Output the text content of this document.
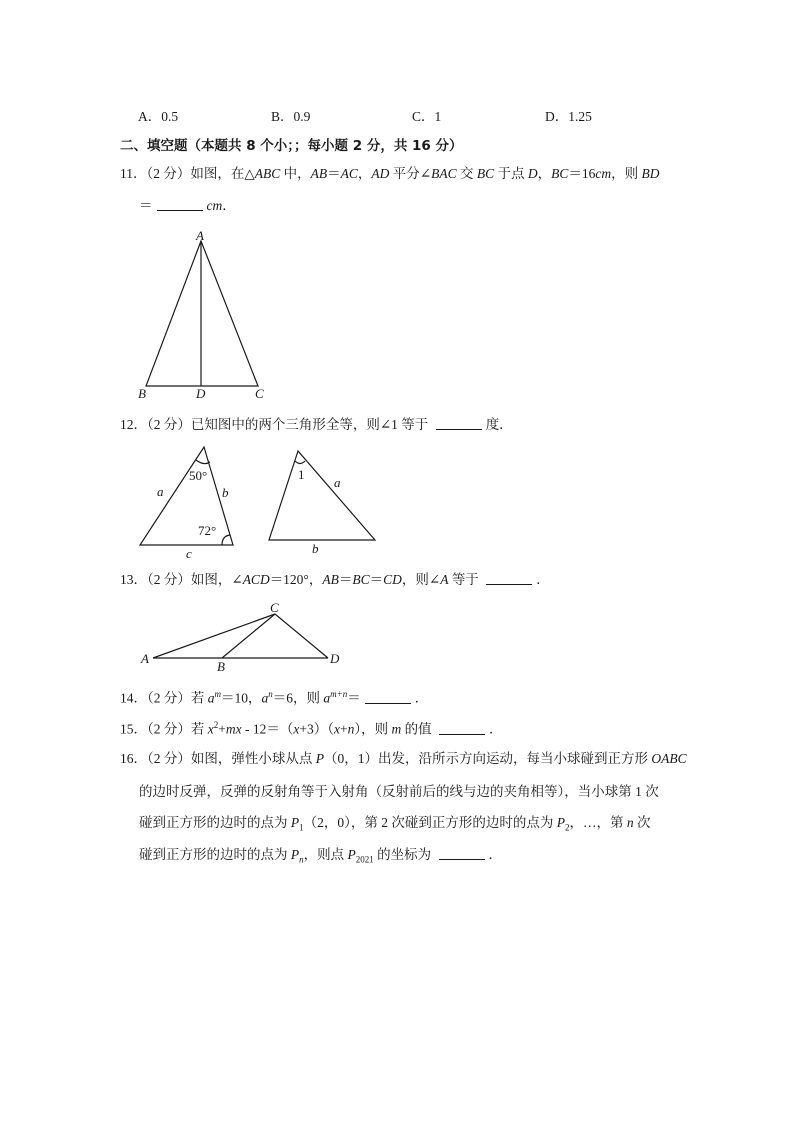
A．0.5	B．0.9	C．1	D．1.25
二、填空题（本题共 8 个小；；每小题 2 分，共 16 分）
11．（2 分）如图，在△ABC 中，AB＝AC，AD 平分∠BAC 交 BC 于点 D，BC＝16cm，则 BD
＝	cm．
12．（2 分）已知图中的两个三角形全等，则∠1 等于	度．
13．（2 分）如图，∠ACD＝120°，AB＝BC＝CD，则∠A 等于	．
14．（2 分）若 $a^m=10$，$a^n=6$，则 $a^{m+n}=$	．
15．（2 分）若 $x^2+mx - 12=(x+3)(x+n)$，则 m 的值	．
16．（2 分）如图，弹性小球从点 P（0，1）出发，沿所示方向运动，每当小球碰到正方形 OABC
的边时反弹，反弹的反射角等于入射角（反射前后的线与边的夹角相等），当小球第 1 次
碰到正方形的边时的点为 $P_1(2$，0），第 2 次碰到正方形的边时的点为 $P_2$，…，第 n 次
碰到正方形的边时的点为 $P_n$，则点 $P_{2021}$ 的坐标为	．
A
B	D	C
50°
72°
a	b
c
1
a
b
A
B
C
D
